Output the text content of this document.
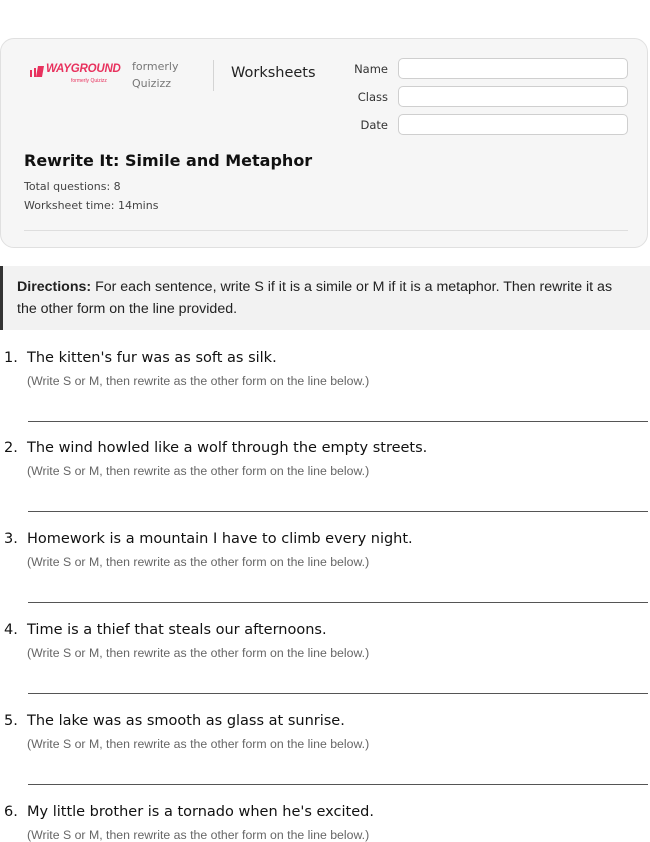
WAYGROUND
formerly Quizizz
formerly Quizizz
Worksheets	Name
Class
Date
Rewrite It: Simile and Metaphor
Total questions: 8
Worksheet time: 14mins
Directions: For each sentence, write S if it is a simile or M if it is a metaphor. Then rewrite it as the other form on the line provided.
1. The kitten's fur was as soft as silk.
(Write S or M, then rewrite as the other form on the line below.)
2. The wind howled like a wolf through the empty streets.
(Write S or M, then rewrite as the other form on the line below.)
3. Homework is a mountain I have to climb every night.
(Write S or M, then rewrite as the other form on the line below.)
4. Time is a thief that steals our afternoons.
(Write S or M, then rewrite as the other form on the line below.)
5. The lake was as smooth as glass at sunrise.
(Write S or M, then rewrite as the other form on the line below.)
6. My little brother is a tornado when he's excited.
(Write S or M, then rewrite as the other form on the line below.)
